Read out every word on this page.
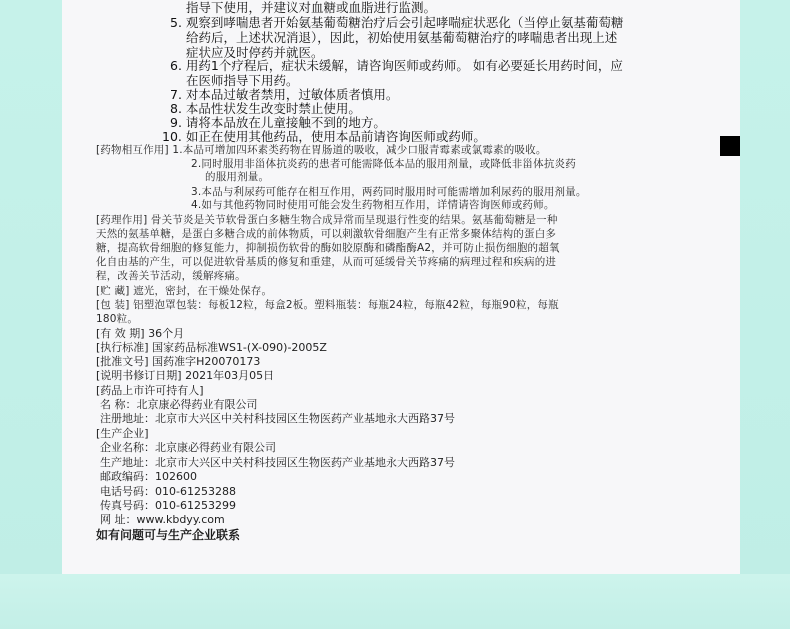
指导下使用，并建议对血糖或血脂进行监测。
5. 观察到哮喘患者开始氨基葡萄糖治疗后会引起哮喘症状恶化（当停止氨基葡萄糖
给药后，上述状况消退），因此，初始使用氨基葡萄糖治疗的哮喘患者出现上述
症状应及时停药并就医。
6. 用药1个疗程后，症状未缓解，请咨询医师或药师。 如有必要延长用药时间，应
在医师指导下用药。
7. 对本品过敏者禁用，过敏体质者慎用。
8. 本品性状发生改变时禁止使用。
9. 请将本品放在儿童接触不到的地方。
10. 如正在使用其他药品，使用本品前请咨询医师或药师。
[药物相互作用] 1.本品可增加四环素类药物在胃肠道的吸收，减少口服青霉素或氯霉素的吸收。
2.同时服用非甾体抗炎药的患者可能需降低本品的服用剂量，或降低非甾体抗炎药
的服用剂量。
3.本品与利尿药可能存在相互作用，两药同时服用时可能需增加利尿药的服用剂量。
4.如与其他药物同时使用可能会发生药物相互作用，详情请咨询医师或药师。
[药理作用] 骨关节炎是关节软骨蛋白多糖生物合成异常而呈现退行性变的结果。氨基葡萄糖是一种
天然的氨基单糖，是蛋白多糖合成的前体物质，可以刺激软骨细胞产生有正常多聚体结构的蛋白多
糖，提高软骨细胞的修复能力，抑制损伤软骨的酶如胶原酶和磷酯酶A2，并可防止损伤细胞的超氧
化自由基的产生，可以促进软骨基质的修复和重建，从而可延缓骨关节疼痛的病理过程和疾病的进
程，改善关节活动，缓解疼痛。
[贮 藏] 遮光，密封，在干燥处保存。
[包 装] 铝塑泡罩包装：每板12粒，每盒2板。塑料瓶装：每瓶24粒，每瓶42粒，每瓶90粒，每瓶
180粒。
[有 效 期] 36个月
[执行标准] 国家药品标准WS1-(X-090)-2005Z
[批准文号] 国药准字H20070173
[说明书修订日期] 2021年03月05日
[药品上市许可持有人]
名 称：北京康必得药业有限公司
注册地址：北京市大兴区中关村科技园区生物医药产业基地永大西路37号
[生产企业]
企业名称：北京康必得药业有限公司
生产地址：北京市大兴区中关村科技园区生物医药产业基地永大西路37号
邮政编码：102600
电话号码：010-61253288
传真号码：010-61253299
网 址：www.kbdyy.com
如有问题可与生产企业联系
